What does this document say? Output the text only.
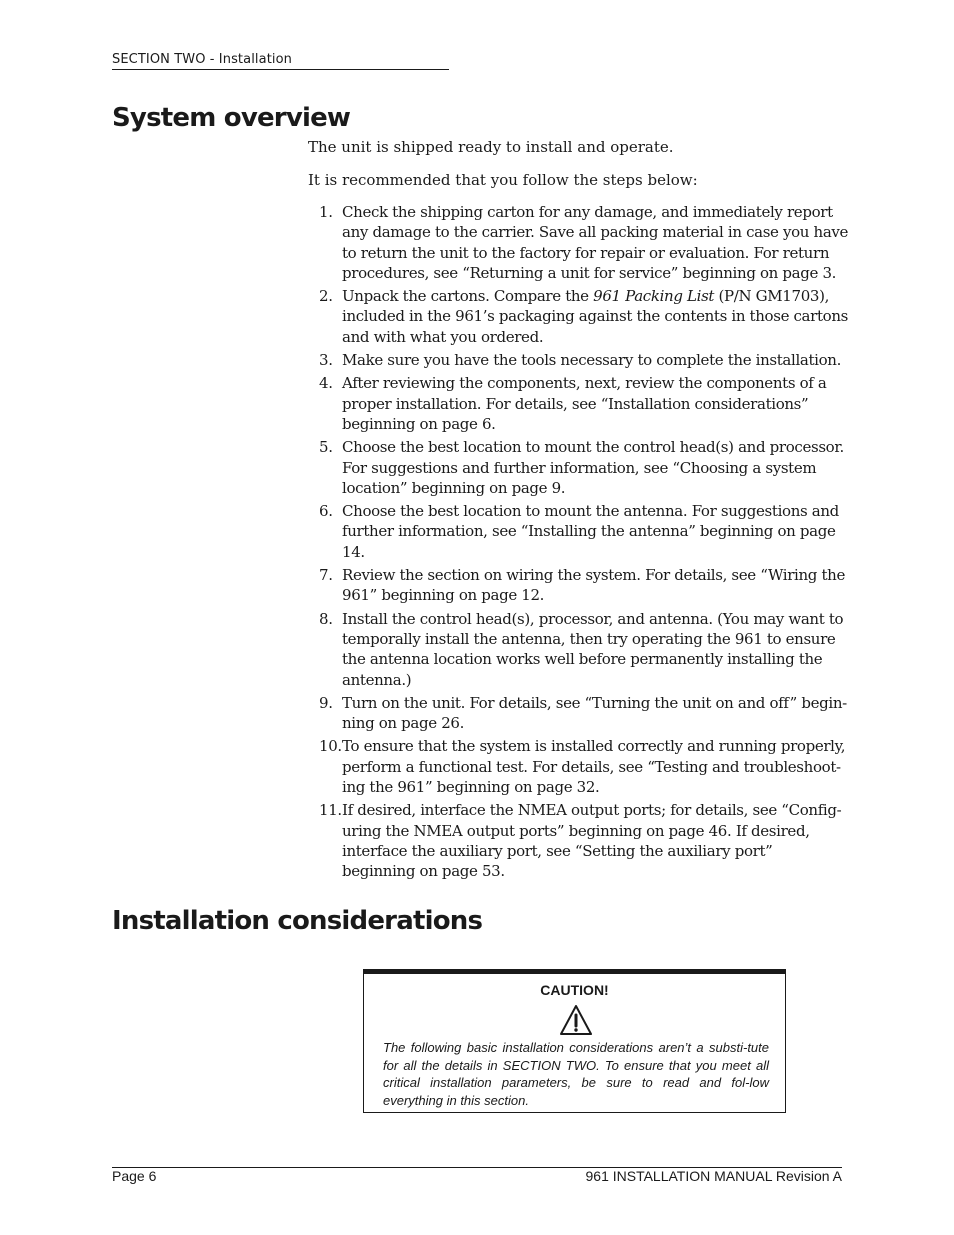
SECTION TWO - Installation
System overview

The unit is shipped ready to install and operate.

It is recommended that you follow the steps below:

1. Check the shipping carton for any damage, and immediately report any damage to the carrier. Save all packing material in case you have to return the unit to the factory for repair or evaluation. For return procedures, see “Returning a unit for service” beginning on page 3.
2. Unpack the cartons. Compare the 961 Packing List (P/N GM1703), included in the 961’s packaging against the contents in those cartons and with what you ordered.
3. Make sure you have the tools necessary to complete the installation.
4. After reviewing the components, next, review the components of a proper installation. For details, see “Installation considerations” beginning on page 6.
5. Choose the best location to mount the control head(s) and processor. For suggestions and further information, see “Choosing a system location” beginning on page 9.
6. Choose the best location to mount the antenna. For suggestions and further information, see “Installing the antenna” beginning on page 14.
7. Review the section on wiring the system. For details, see “Wiring the 961” beginning on page 12.
8. Install the control head(s), processor, and antenna. (You may want to temporally install the antenna, then try operating the 961 to ensure the antenna location works well before permanently installing the antenna.)
9. Turn on the unit. For details, see “Turning the unit on and off” begin-ning on page 26.
10. To ensure that the system is installed correctly and running properly, perform a functional test. For details, see “Testing and troubleshoot-ing the 961” beginning on page 32.
11. If desired, interface the NMEA output ports; for details, see “Config-uring the NMEA output ports” beginning on page 46. If desired, interface the auxiliary port, see “Setting the auxiliary port” beginning on page 53.
Installation considerations
CAUTION!
The following basic installation considerations aren’t a substi-tute for all the details in SECTION TWO. To ensure that you meet all critical installation parameters, be sure to read and fol-low everything in this section.
Page 6	961 INSTALLATION MANUAL Revision A
